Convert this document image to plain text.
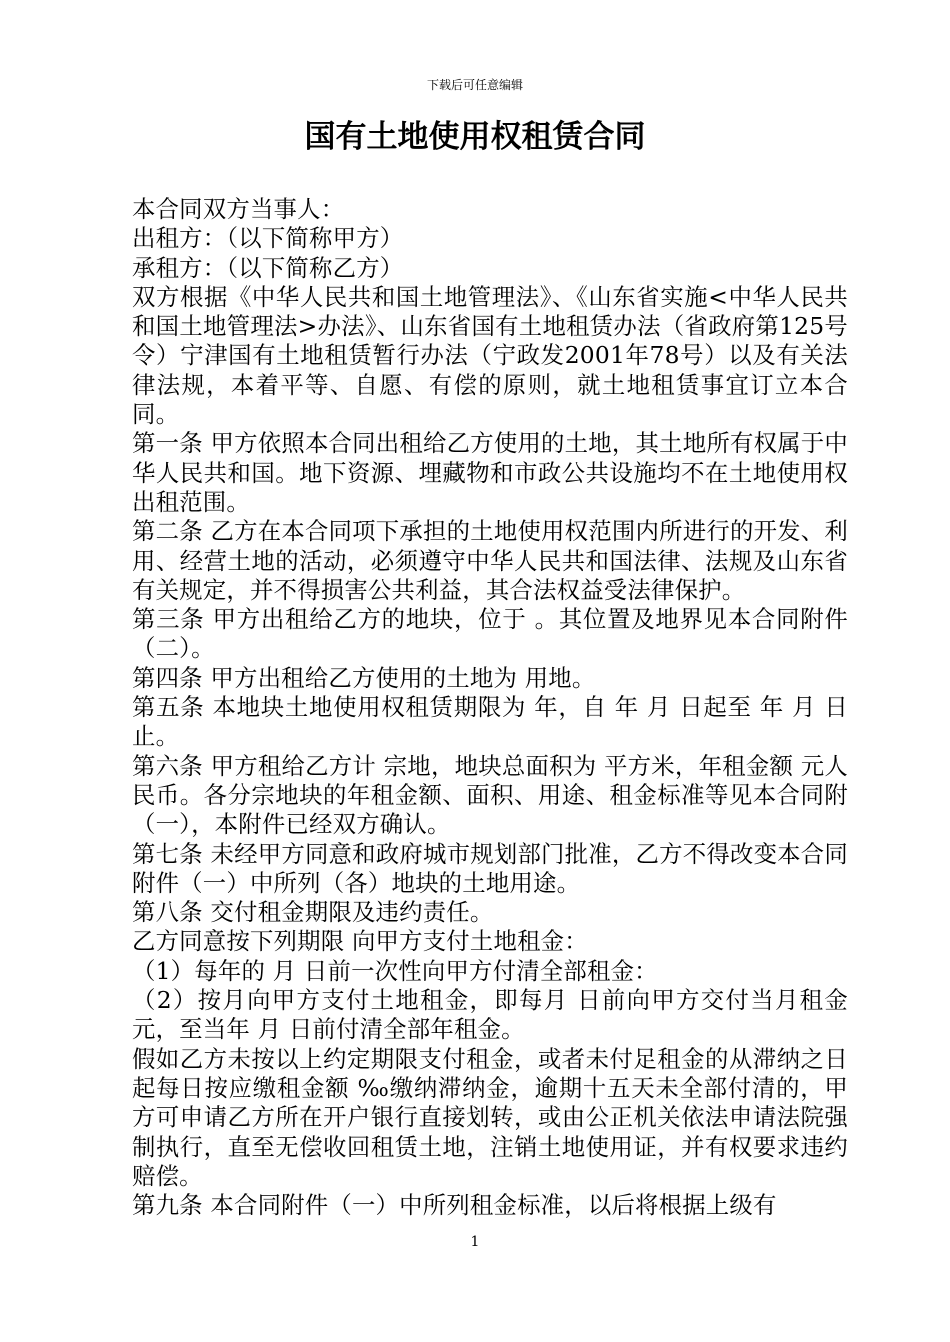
下载后可任意编辑
国有土地使用权租赁合同

本合同双方当事人：

出租方：（以下简称甲方）

承租方：（以下简称乙方）

双方根据《中华人民共和国土地管理法》、《山东省实施<中华人民共和国土地管理法>办法》、山东省国有土地租赁办法（省政府第125号令）宁津国有土地租赁暂行办法（宁政发2001年78号）以及有关法律法规，本着平等、自愿、有偿的原则，就土地租赁事宜订立本合同。

第一条 甲方依照本合同出租给乙方使用的土地，其土地所有权属于中华人民共和国。地下资源、埋藏物和市政公共设施均不在土地使用权出租范围。

第二条 乙方在本合同项下承担的土地使用权范围内所进行的开发、利用、经营土地的活动，必须遵守中华人民共和国法律、法规及山东省有关规定，并不得损害公共利益，其合法权益受法律保护。

第三条 甲方出租给乙方的地块，位于 。其位置及地界见本合同附件（二）。

第四条 甲方出租给乙方使用的土地为 用地。

第五条 本地块土地使用权租赁期限为 年，自 年 月 日起至 年 月 日止。

第六条 甲方租给乙方计 宗地，地块总面积为 平方米，年租金额 元人民币。各分宗地块的年租金额、面积、用途、租金标准等见本合同附（一），本附件已经双方确认。

第七条 未经甲方同意和政府城市规划部门批准，乙方不得改变本合同附件（一）中所列（各）地块的土地用途。

第八条 交付租金期限及违约责任。

乙方同意按下列期限 向甲方支付土地租金：

（1）每年的 月 日前一次性向甲方付清全部租金：

（2）按月向甲方支付土地租金，即每月 日前向甲方交付当月租金 元，至当年 月 日前付清全部年租金。

假如乙方未按以上约定期限支付租金，或者未付足租金的从滞纳之日起每日按应缴租金额 ‰缴纳滞纳金，逾期十五天未全部付清的，甲方可申请乙方所在开户银行直接划转，或由公正机关依法申请法院强制执行，直至无偿收回租赁土地，注销土地使用证，并有权要求违约赔偿。

第九条 本合同附件（一）中所列租金标准，以后将根据上级有

1
